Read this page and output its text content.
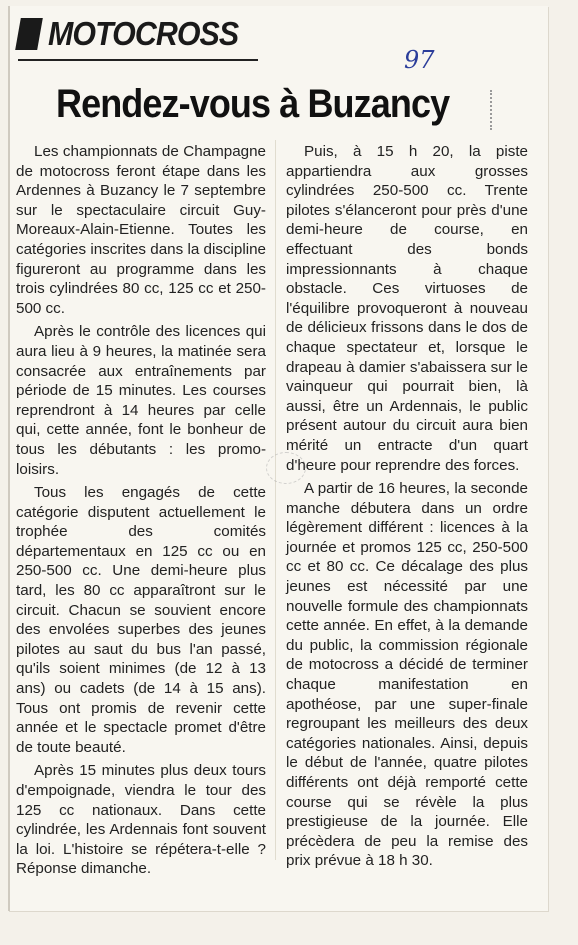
MOTOCROSS
97
Rendez-vous à Buzancy

Les championnats de Champagne de motocross feront étape dans les Ardennes à Buzancy le 7 septembre sur le spectaculaire circuit Guy-Moreaux-Alain-Etienne. Toutes les catégories inscrites dans la discipline figureront au programme dans les trois cylindrées 80 cc, 125 cc et 250-500 cc.

Après le contrôle des licences qui aura lieu à 9 heures, la matinée sera consacrée aux entraînements par période de 15 minutes. Les courses reprendront à 14 heures par celle qui, cette année, font le bonheur de tous les débutants : les promo-loisirs.

Tous les engagés de cette catégorie disputent actuellement le trophée des comités départementaux en 125 cc ou en 250-500 cc. Une demi-heure plus tard, les 80 cc apparaîtront sur le circuit. Chacun se souvient encore des envolées superbes des jeunes pilotes au saut du bus l'an passé, qu'ils soient minimes (de 12 à 13 ans) ou cadets (de 14 à 15 ans). Tous ont promis de revenir cette année et le spectacle promet d'être de toute beauté.

Après 15 minutes plus deux tours d'empoignade, viendra le tour des 125 cc nationaux. Dans cette cylindrée, les Ardennais font souvent la loi. L'histoire se répétera-t-elle ? Réponse dimanche.

Puis, à 15 h 20, la piste appartiendra aux grosses cylindrées 250-500 cc. Trente pilotes s'élanceront pour près d'une demi-heure de course, en effectuant des bonds impressionnants à chaque obstacle. Ces virtuoses de l'équilibre provoqueront à nouveau de délicieux frissons dans le dos de chaque spectateur et, lorsque le drapeau à damier s'abaissera sur le vainqueur qui pourrait bien, là aussi, être un Ardennais, le public présent autour du circuit aura bien mérité un entracte d'un quart d'heure pour reprendre des forces.

A partir de 16 heures, la seconde manche débutera dans un ordre légèrement différent : licences à la journée et promos 125 cc, 250-500 cc et 80 cc. Ce décalage des plus jeunes est nécessité par une nouvelle formule des championnats cette année. En effet, à la demande du public, la commission régionale de motocross a décidé de terminer chaque manifestation en apothéose, par une super-finale regroupant les meilleurs des deux catégories nationales. Ainsi, depuis le début de l'année, quatre pilotes différents ont déjà remporté cette course qui se révèle la plus prestigieuse de la journée. Elle précèdera de peu la remise des prix prévue à 18 h 30.
